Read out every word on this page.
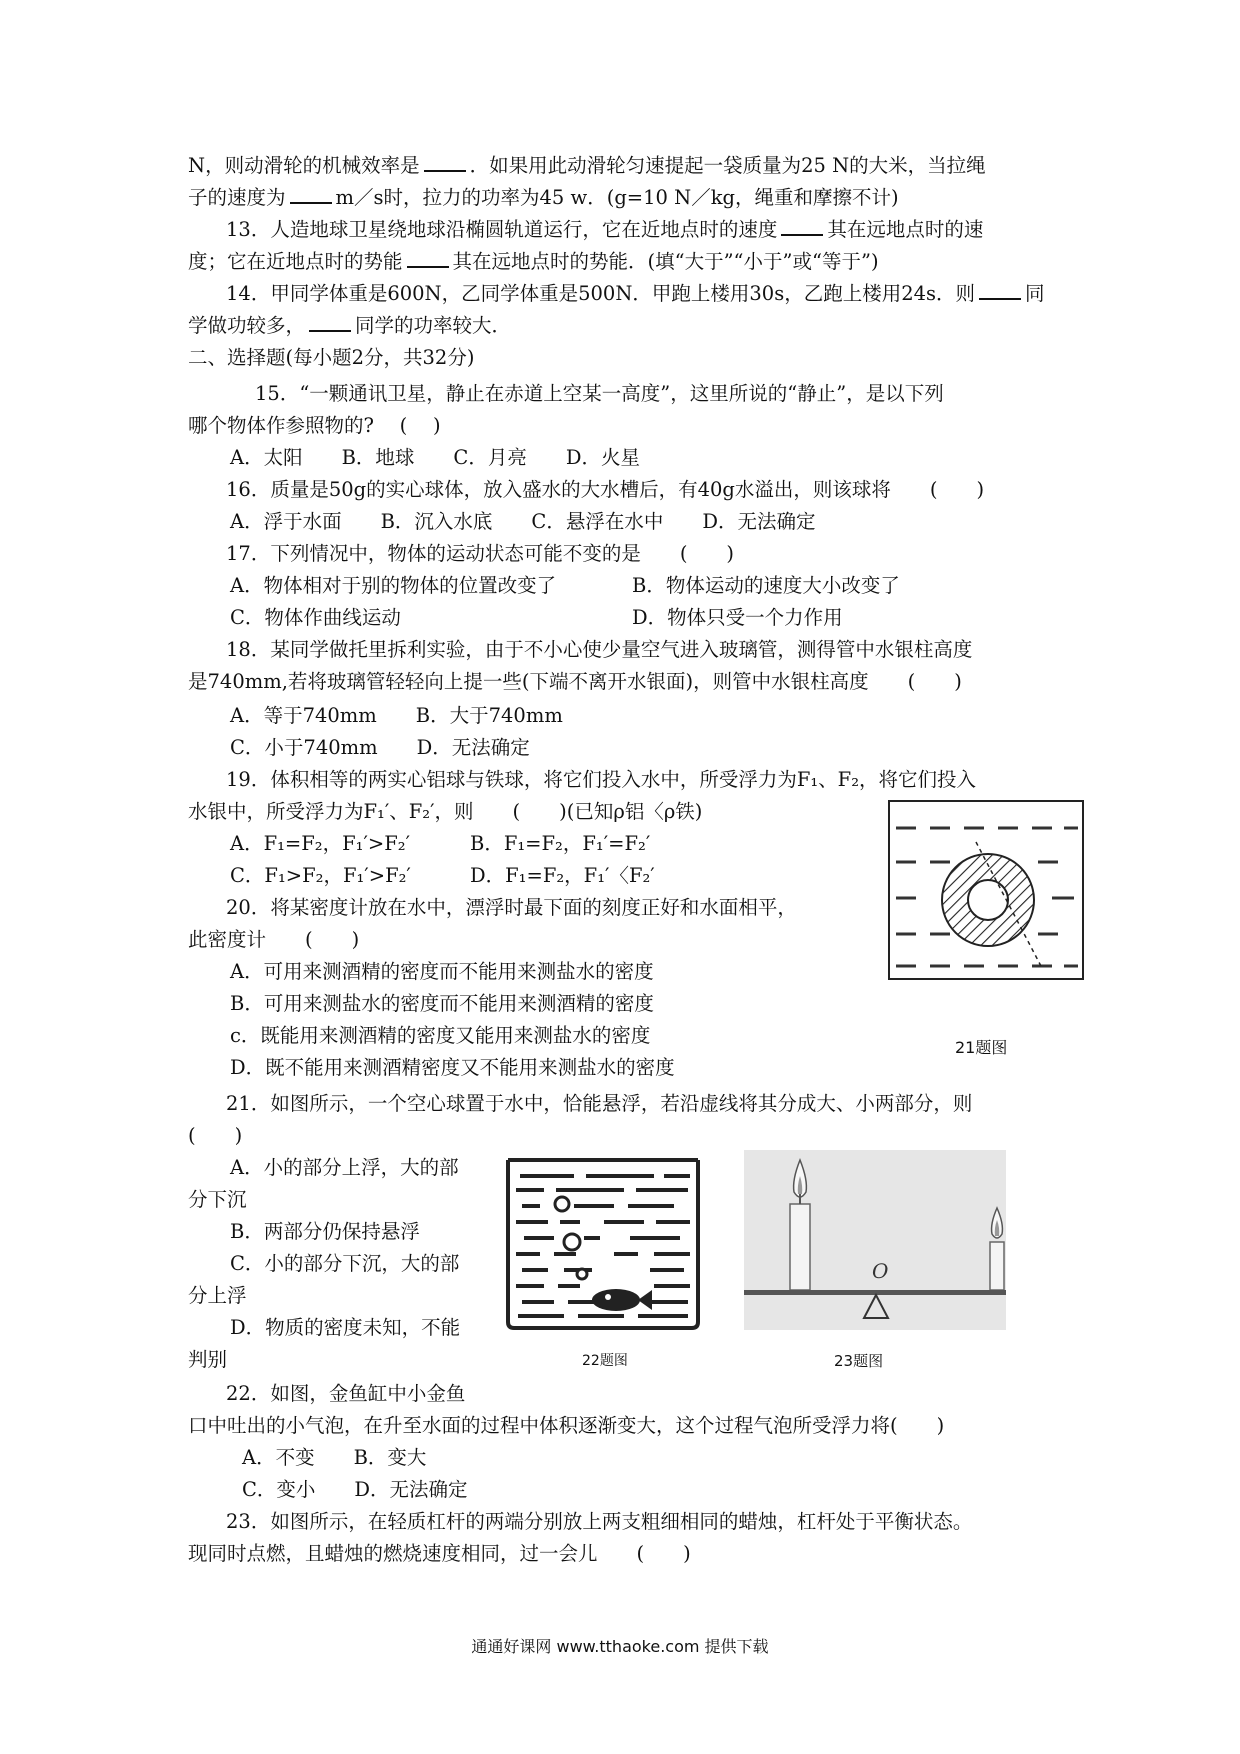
N，则动滑轮的机械效率是	．如果用此动滑轮匀速提起一袋质量为25 N的大米，当拉绳
子的速度为	m／s时，拉力的功率为45 w．(g=10 N／kg，绳重和摩擦不计)
13．人造地球卫星绕地球沿椭圆轨道运行，它在近地点时的速度	其在远地点时的速
度；它在近地点时的势能	其在远地点时的势能．(填“大于”“小于”或“等于”)
14．甲同学体重是600N，乙同学体重是500N．甲跑上楼用30s，乙跑上楼用24s．则	同
学做功较多，	同学的功率较大．
二、选择题(每小题2分，共32分)
15．“一颗通讯卫星，静止在赤道上空某一高度”，这里所说的“静止”，是以下列
哪个物体作参照物的?　 (　 )
A．太阳　　B．地球　　C．月亮　　D．火星
16．质量是50g的实心球体，放入盛水的大水槽后，有40g水溢出，则该球将　　(　　)
A．浮于水面　　B．沉入水底　　C．悬浮在水中　　D．无法确定
17．下列情况中，物体的运动状态可能不变的是　　(　　)
A．物体相对于别的物体的位置改变了	B．物体运动的速度大小改变了
C．物体作曲线运动	D．物体只受一个力作用
18．某同学做托里拆利实验，由于不小心使少量空气进入玻璃管，测得管中水银柱高度
是740mm,若将玻璃管轻轻向上提一些(下端不离开水银面)，则管中水银柱高度　　(　　)
A．等于740mm　　B．大于740mm
C．小于740mm　　D．无法确定
19．体积相等的两实心铝球与铁球，将它们投入水中，所受浮力为F₁、F₂，将它们投入
水银中，所受浮力为F₁′、F₂′，则　　(　　)(已知ρ铝〈ρ铁)
A．F₁=F₂，F₁′>F₂′	B．F₁=F₂，F₁′=F₂′
C．F₁>F₂，F₁′>F₂′	D．F₁=F₂，F₁′〈F₂′
20．将某密度计放在水中，漂浮时最下面的刻度正好和水面相平，
此密度计　　(　　)
A．可用来测酒精的密度而不能用来测盐水的密度
B．可用来测盐水的密度而不能用来测酒精的密度
c．既能用来测酒精的密度又能用来测盐水的密度
D．既不能用来测酒精密度又不能用来测盐水的密度
21题图
21．如图所示，一个空心球置于水中，恰能悬浮，若沿虚线将其分成大、小两部分，则
(　　)
A．小的部分上浮，大的部
分下沉
B．两部分仍保持悬浮
C．小的部分下沉，大的部
分上浮
D．物质的密度未知，不能
判别	22题图
O
23题图
22．如图，金鱼缸中小金鱼
口中吐出的小气泡，在升至水面的过程中体积逐渐变大，这个过程气泡所受浮力将(　　)
A．不变　　B．变大
C．变小　　D．无法确定
23．如图所示，在轻质杠杆的两端分别放上两支粗细相同的蜡烛，杠杆处于平衡状态。
现同时点燃，且蜡烛的燃烧速度相同，过一会儿　　(　　)
通通好课网 www.tthaoke.com 提供下载
